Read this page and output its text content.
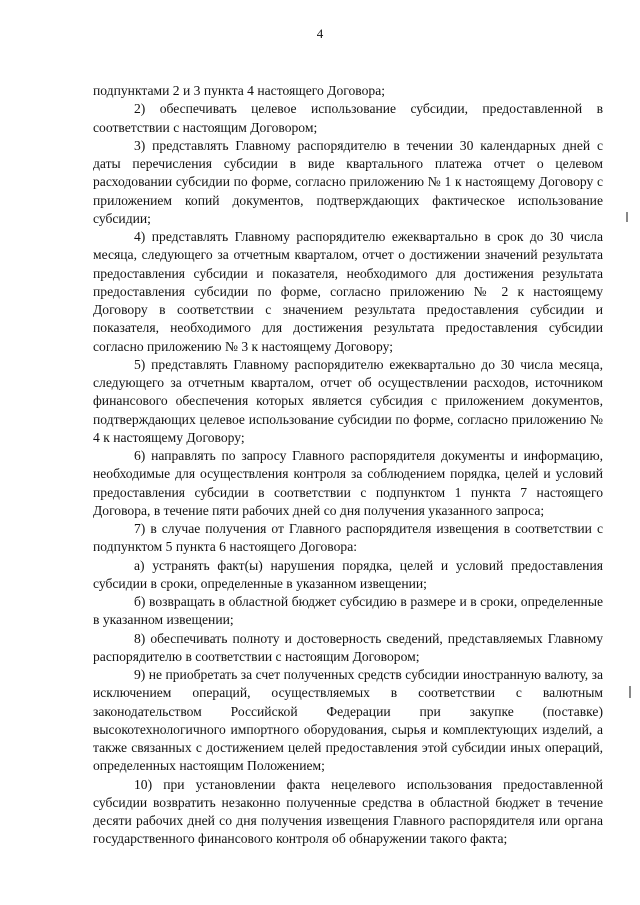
4

подпунктами 2 и 3 пункта 4 настоящего Договора;

2) обеспечивать целевое использование субсидии, предоставленной в соответствии с настоящим Договором;

3) представлять Главному распорядителю в течении 30 календарных дней с даты перечисления субсидии в виде квартального платежа отчет о целевом расходовании субсидии по форме, согласно приложению № 1 к настоящему Договору с приложением копий документов, подтверждающих фактическое использование субсидии;

4) представлять Главному распорядителю ежеквартально в срок до 30 числа месяца, следующего за отчетным кварталом, отчет о достижении значений результата предоставления субсидии и показателя, необходимого для достижения результата предоставления субсидии по форме, согласно приложению № 2 к настоящему Договору в соответствии с значением результата предоставления субсидии и показателя, необходимого для достижения результата предоставления субсидии согласно приложению № 3 к настоящему Договору;

5) представлять Главному распорядителю ежеквартально до 30 числа месяца, следующего за отчетным кварталом, отчет об осуществлении расходов, источником финансового обеспечения которых является субсидия с приложением документов, подтверждающих целевое использование субсидии по форме, согласно приложению № 4 к настоящему Договору;

6) направлять по запросу Главного распорядителя документы и информацию, необходимые для осуществления контроля за соблюдением порядка, целей и условий предоставления субсидии в соответствии с подпунктом 1 пункта 7 настоящего Договора, в течение пяти рабочих дней со дня получения указанного запроса;

7) в случае получения от Главного распорядителя извещения в соответствии с подпунктом 5 пункта 6 настоящего Договора:

а) устранять факт(ы) нарушения порядка, целей и условий предоставления субсидии в сроки, определенные в указанном извещении;

б) возвращать в областной бюджет субсидию в размере и в сроки, определенные в указанном извещении;

8) обеспечивать полноту и достоверность сведений, представляемых Главному распорядителю в соответствии с настоящим Договором;

9) не приобретать за счет полученных средств субсидии иностранную валюту, за исключением операций, осуществляемых в соответствии с валютным законодательством Российской Федерации при закупке (поставке) высокотехнологичного импортного оборудования, сырья и комплектующих изделий, а также связанных с достижением целей предоставления этой субсидии иных операций, определенных настоящим Положением;

10) при установлении факта нецелевого использования предоставленной субсидии возвратить незаконно полученные средства в областной бюджет в течение десяти рабочих дней со дня получения извещения Главного распорядителя или органа государственного финансового контроля об обнаружении такого факта;
